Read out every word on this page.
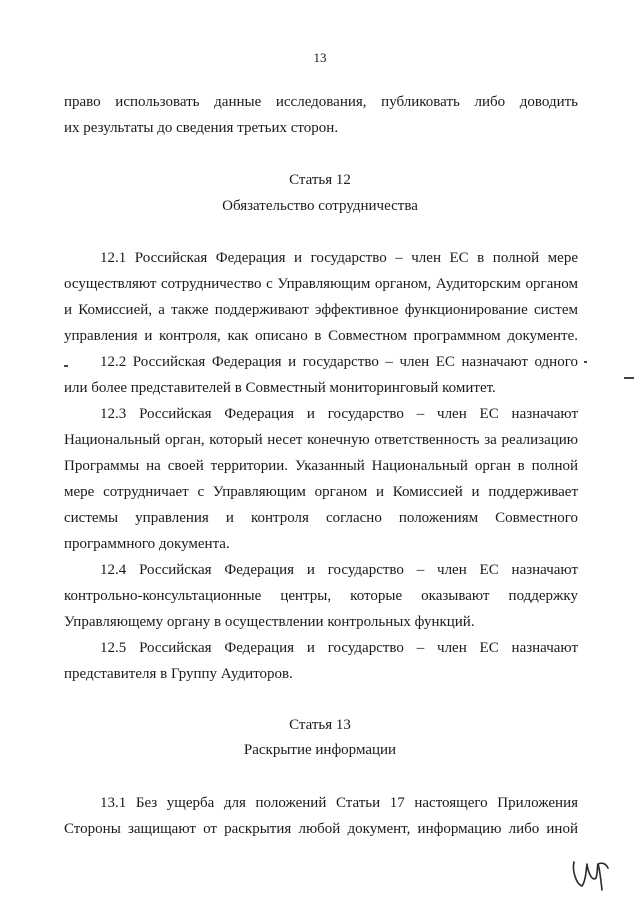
13
право использовать данные исследования, публиковать либо доводить
их результаты до сведения третьих сторон.
Статья 12
Обязательство сотрудничества
12.1 Российская Федерация и государство – член ЕС в полной мере
осуществляют сотрудничество с Управляющим органом, Аудиторским органом
и Комиссией, а также поддерживают эффективное функционирование систем
управления и контроля, как описано в Совместном программном документе.
12.2 Российская Федерация и государство – член ЕС назначают одного
или более представителей в Совместный мониторинговый комитет.
12.3 Российская Федерация и государство – член ЕС назначают
Национальный орган, который несет конечную ответственность за реализацию
Программы на своей территории. Указанный Национальный орган в полной
мере сотрудничает с Управляющим органом и Комиссией и поддерживает
системы управления и контроля согласно положениям Совместного
программного документа.
12.4 Российская Федерация и государство – член ЕС назначают
контрольно-консультационные центры, которые оказывают поддержку
Управляющему органу в осуществлении контрольных функций.
12.5 Российская Федерация и государство – член ЕС назначают
представителя в Группу Аудиторов.
Статья 13
Раскрытие информации
13.1 Без ущерба для положений Статьи 17 настоящего Приложения
Стороны защищают от раскрытия любой документ, информацию либо иной
